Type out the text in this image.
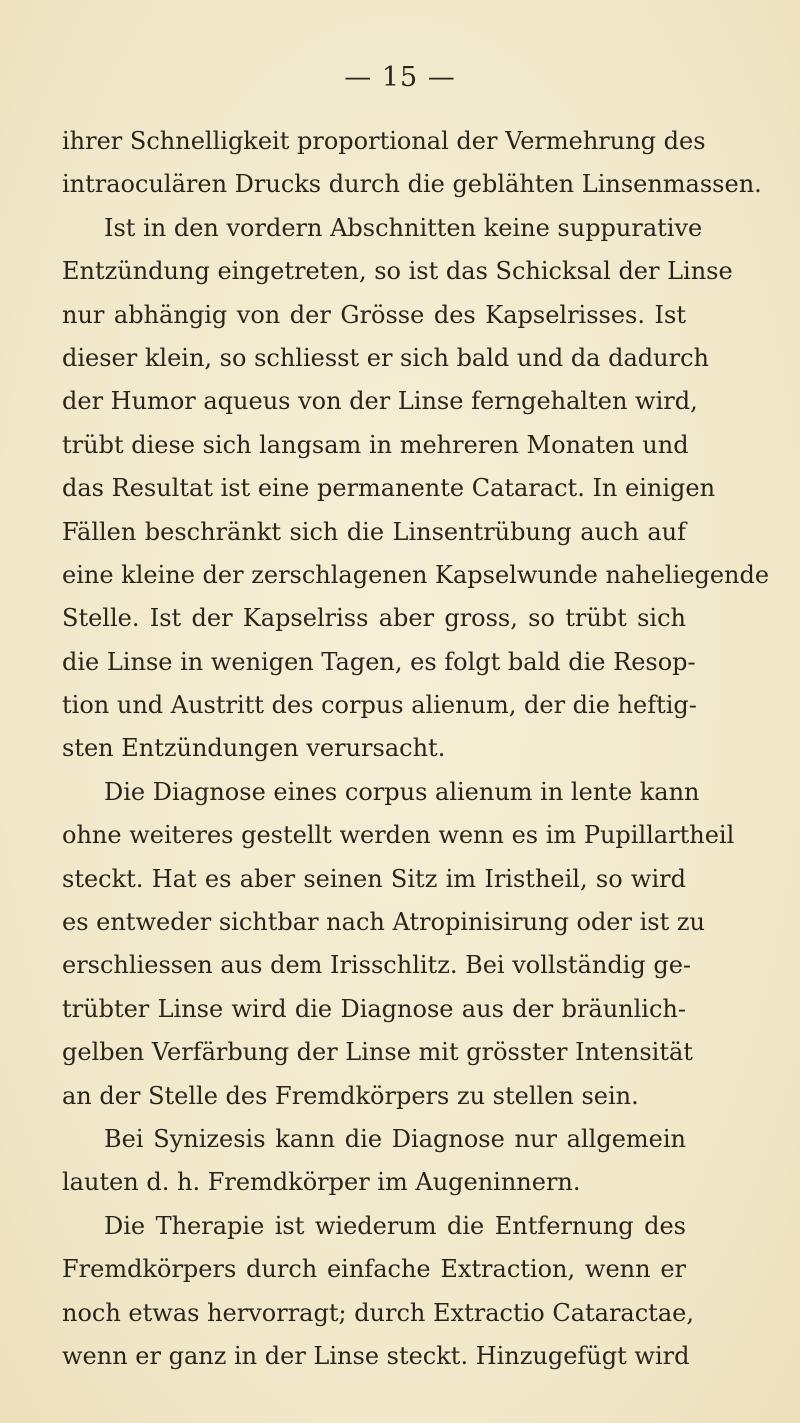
— 15 —
ihrer Schnelligkeit proportional der Vermehrung des
intraoculären Drucks durch die geblähten Linsenmassen.
Ist in den vordern Abschnitten keine suppurative
Entzündung eingetreten, so ist das Schicksal der Linse
nur abhängig von der Grösse des Kapselrisses. Ist
dieser klein, so schliesst er sich bald und da dadurch
der Humor aqueus von der Linse ferngehalten wird,
trübt diese sich langsam in mehreren Monaten und
das Resultat ist eine permanente Cataract. In einigen
Fällen beschränkt sich die Linsentrübung auch auf
eine kleine der zerschlagenen Kapselwunde naheliegende
Stelle. Ist der Kapselriss aber gross, so trübt sich
die Linse in wenigen Tagen, es folgt bald die Resop-
tion und Austritt des corpus alienum, der die heftig-
sten Entzündungen verursacht.
Die Diagnose eines corpus alienum in lente kann
ohne weiteres gestellt werden wenn es im Pupillartheil
steckt. Hat es aber seinen Sitz im Iristheil, so wird
es entweder sichtbar nach Atropinisirung oder ist zu
erschliessen aus dem Irisschlitz. Bei vollständig ge-
trübter Linse wird die Diagnose aus der bräunlich-
gelben Verfärbung der Linse mit grösster Intensität
an der Stelle des Fremdkörpers zu stellen sein.
Bei Synizesis kann die Diagnose nur allgemein
lauten d. h. Fremdkörper im Augeninnern.
Die Therapie ist wiederum die Entfernung des
Fremdkörpers durch einfache Extraction, wenn er
noch etwas hervorragt; durch Extractio Cataractae,
wenn er ganz in der Linse steckt. Hinzugefügt wird
